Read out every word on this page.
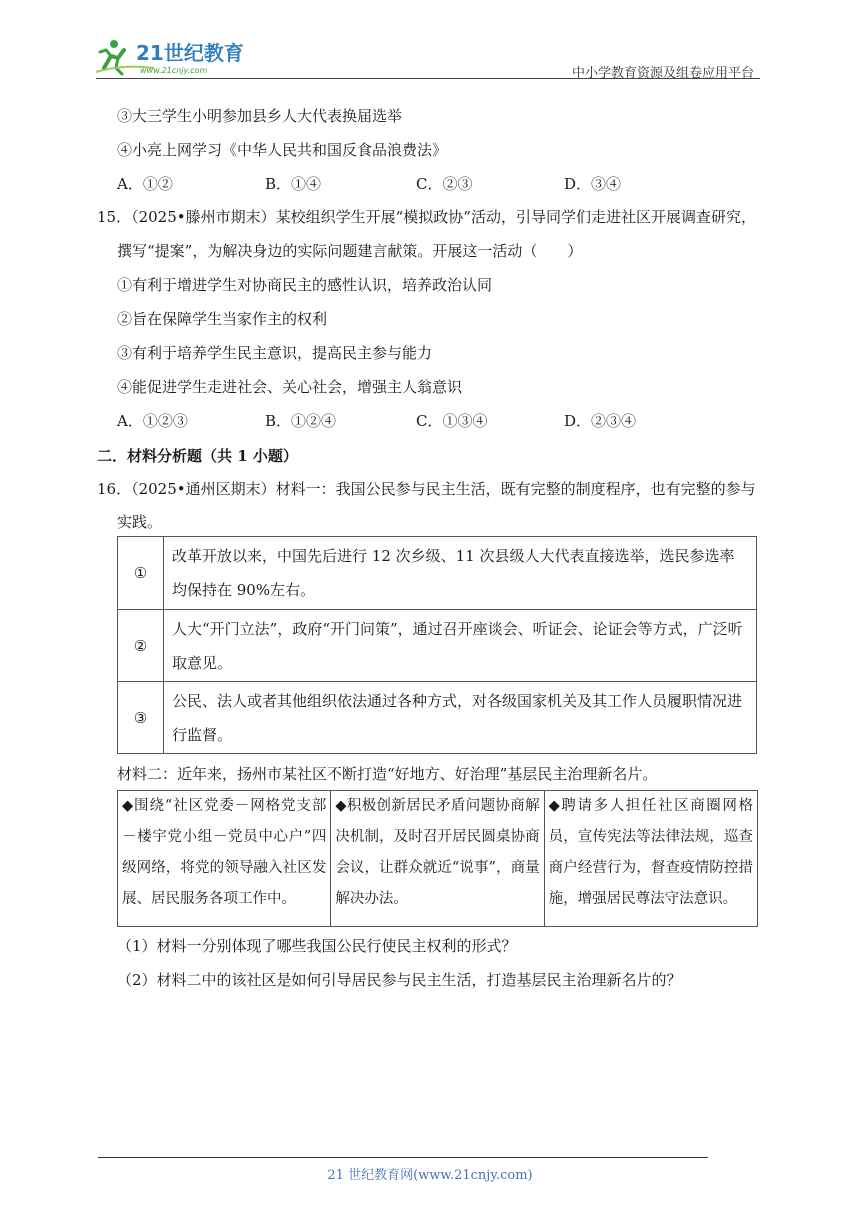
21世纪教育
www.21cnjy.com	中小学教育资源及组卷应用平台
③大三学生小明参加县乡人大代表换届选举
④小亮上网学习《中华人民共和国反食品浪费法》
A．①②	B．①④	C．②③	D．③④
15．（2025•滕州市期末）某校组织学生开展“模拟政协”活动，引导同学们走进社区开展调查研究，
撰写“提案”，为解决身边的实际问题建言献策。开展这一活动（　　）
①有利于增进学生对协商民主的感性认识，培养政治认同
②旨在保障学生当家作主的权利
③有利于培养学生民主意识，提高民主参与能力
④能促进学生走进社会、关心社会，增强主人翁意识
A．①②③	B．①②④	C．①③④	D．②③④
二．材料分析题（共 1 小题）
16．（2025•通州区期末）材料一：我国公民参与民主生活，既有完整的制度程序，也有完整的参与
实践。
①	改革开放以来，中国先后进行 12 次乡级、11 次县级人大代表直接选举，选民参选率均保持在 90%左右。
②	人大“开门立法”，政府“开门问策”，通过召开座谈会、听证会、论证会等方式，广泛听取意见。
③	公民、法人或者其他组织依法通过各种方式，对各级国家机关及其工作人员履职情况进行监督。
材料二：近年来，扬州市某社区不断打造“好地方、好治理”基层民主治理新名片。
◆围绕“社区党委－网格党支部－楼宇党小组－党员中心户”四级网络，将党的领导融入社区发展、居民服务各项工作中。	◆积极创新居民矛盾问题协商解决机制，及时召开居民圆桌协商会议，让群众就近“说事”，商量解决办法。	◆聘请多人担任社区商圈网格员，宣传宪法等法律法规，巡查商户经营行为，督查疫情防控措施，增强居民尊法守法意识。
（1）材料一分别体现了哪些我国公民行使民主权利的形式？
（2）材料二中的该社区是如何引导居民参与民主生活，打造基层民主治理新名片的？
21 世纪教育网(www.21cnjy.com)
